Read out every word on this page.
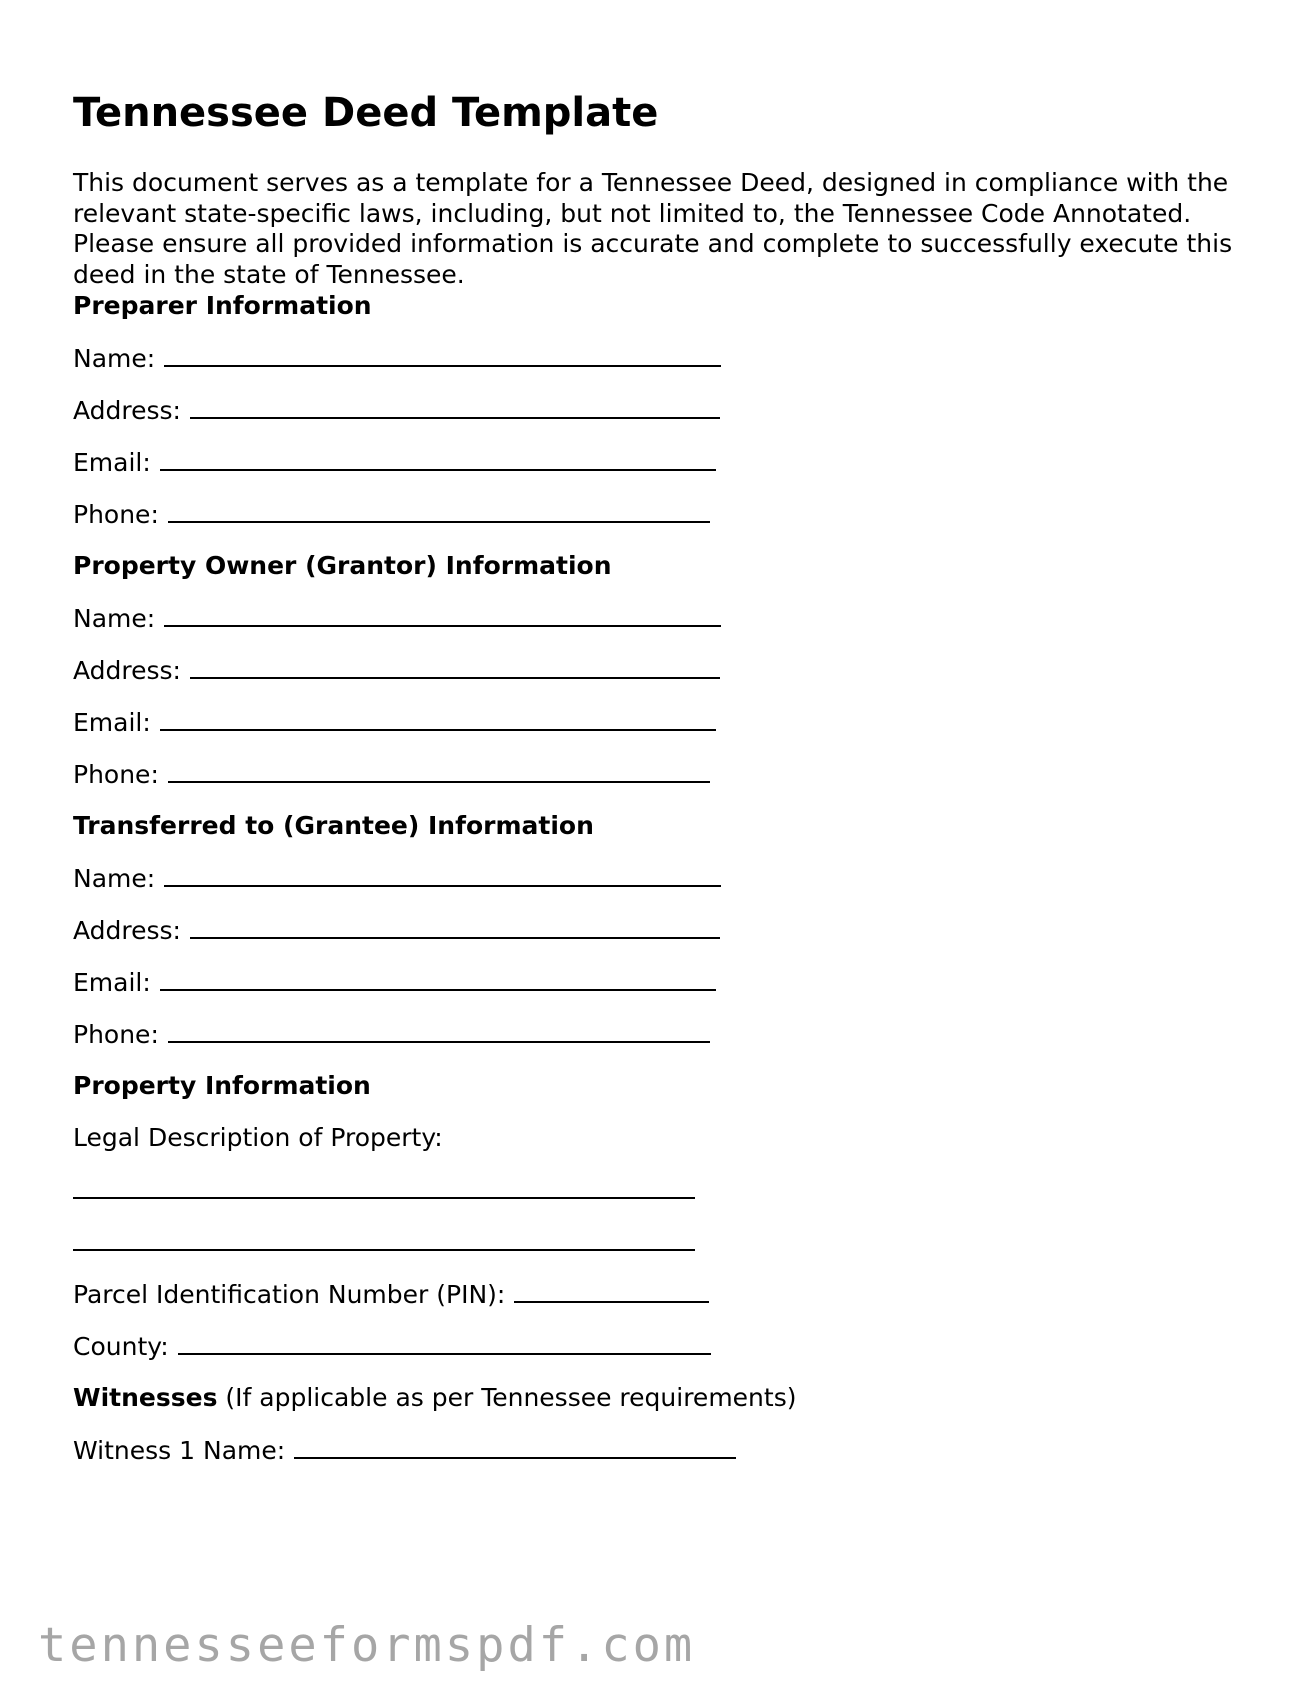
Tennessee Deed Template

This document serves as a template for a Tennessee Deed, designed in compliance with the relevant state-specific laws, including, but not limited to, the Tennessee Code Annotated. Please ensure all provided information is accurate and complete to successfully execute this deed in the state of Tennessee.

Preparer Information

Name:
Address:
Email:
Phone:

Property Owner (Grantor) Information

Name:
Address:
Email:
Phone:

Transferred to (Grantee) Information

Name:
Address:
Email:
Phone:

Property Information

Legal Description of Property:

Parcel Identification Number (PIN):
County:
Witnesses (If applicable as per Tennessee requirements)
Witness 1 Name:
tennesseeformspdf.com
